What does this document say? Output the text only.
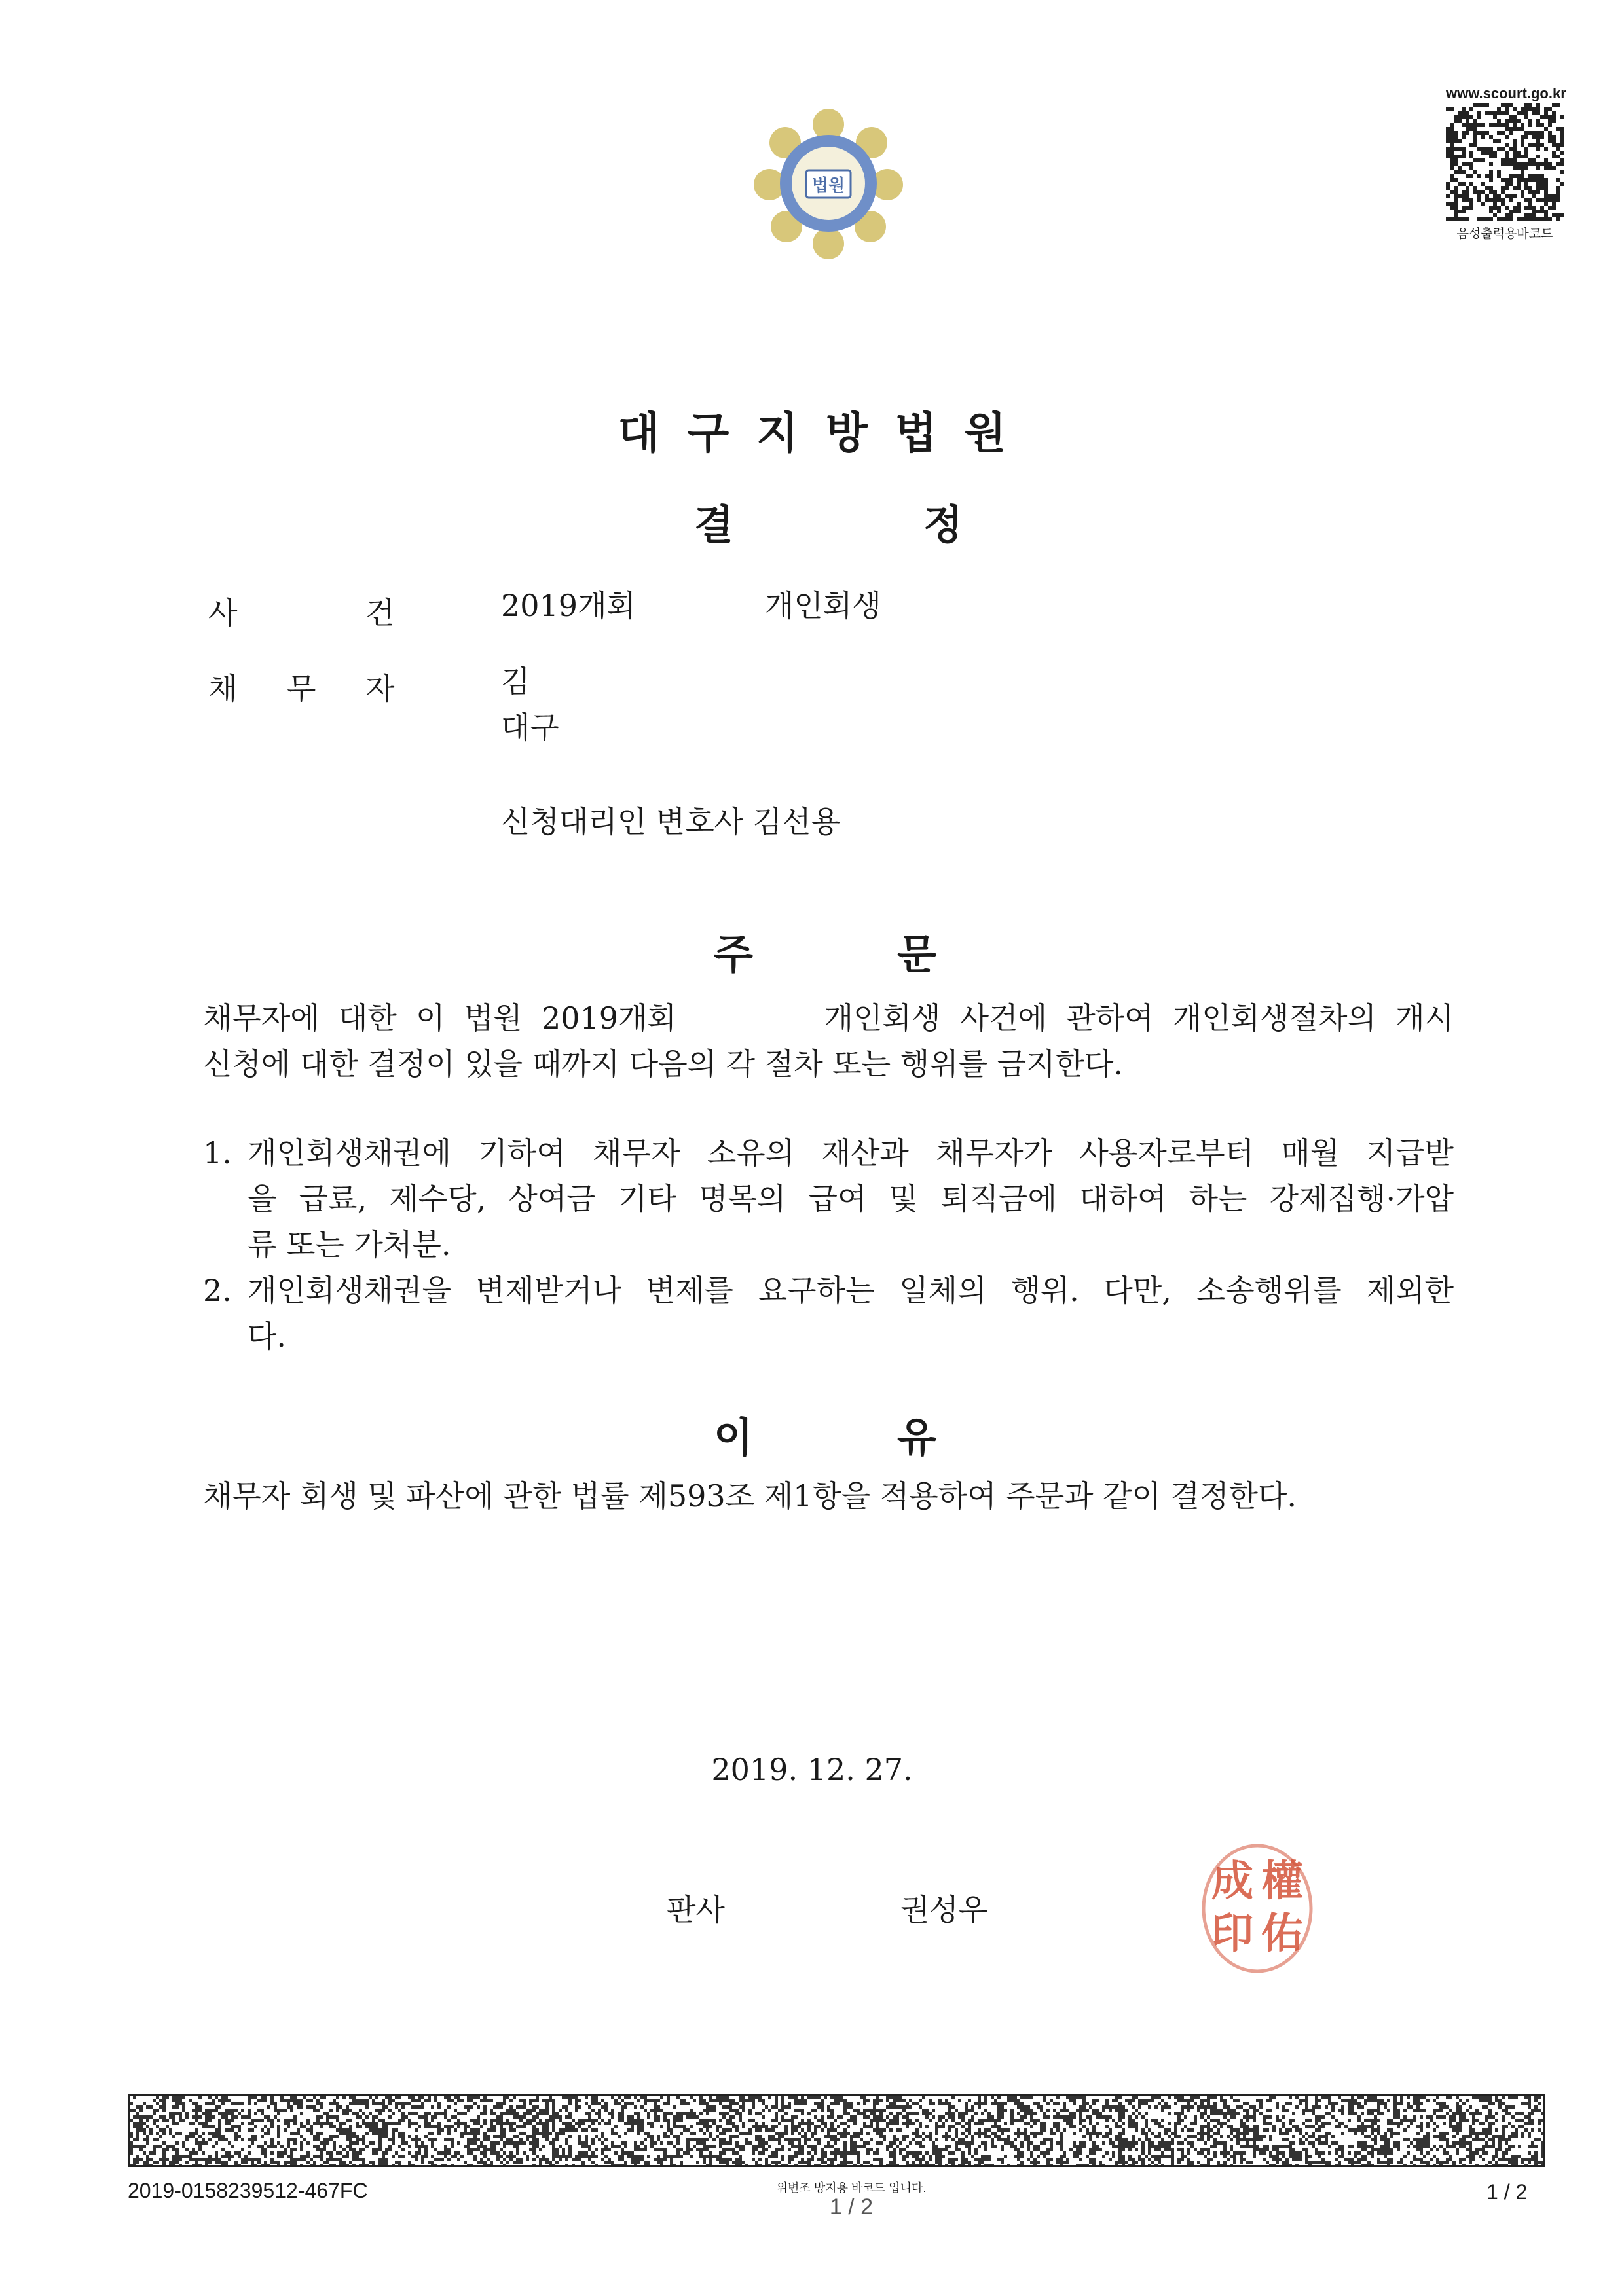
법원
www.scourt.go.kr
음성출력용바코드
대구지방법원
결	정
사	건	2019개회	개인회생
채 무 자	김
대구
신청대리인 변호사 김선용
주	문
채무자에 대한 이 법원 2019개회　　　 개인회생 사건에 관하여 개인회생절차의 개시
신청에 대한 결정이 있을 때까지 다음의 각 절차 또는 행위를 금지한다.
1. 개인회생채권에 기하여 채무자 소유의 재산과 채무자가 사용자로부터 매월 지급받
을 급료, 제수당, 상여금 기타 명목의 급여 및 퇴직금에 대하여 하는 강제집행·가압
류 또는 가처분.
2. 개인회생채권을 변제받거나 변제를 요구하는 일체의 행위. 다만, 소송행위를 제외한
다.
이	유
채무자 회생 및 파산에 관한 법률 제593조 제1항을 적용하여 주문과 같이 결정한다.
2019. 12. 27.
판사	권성우
權
成
佑
印
2019-0158239512-467FC	위변조 방지용 바코드 입니다.
1 / 2
1 / 2
